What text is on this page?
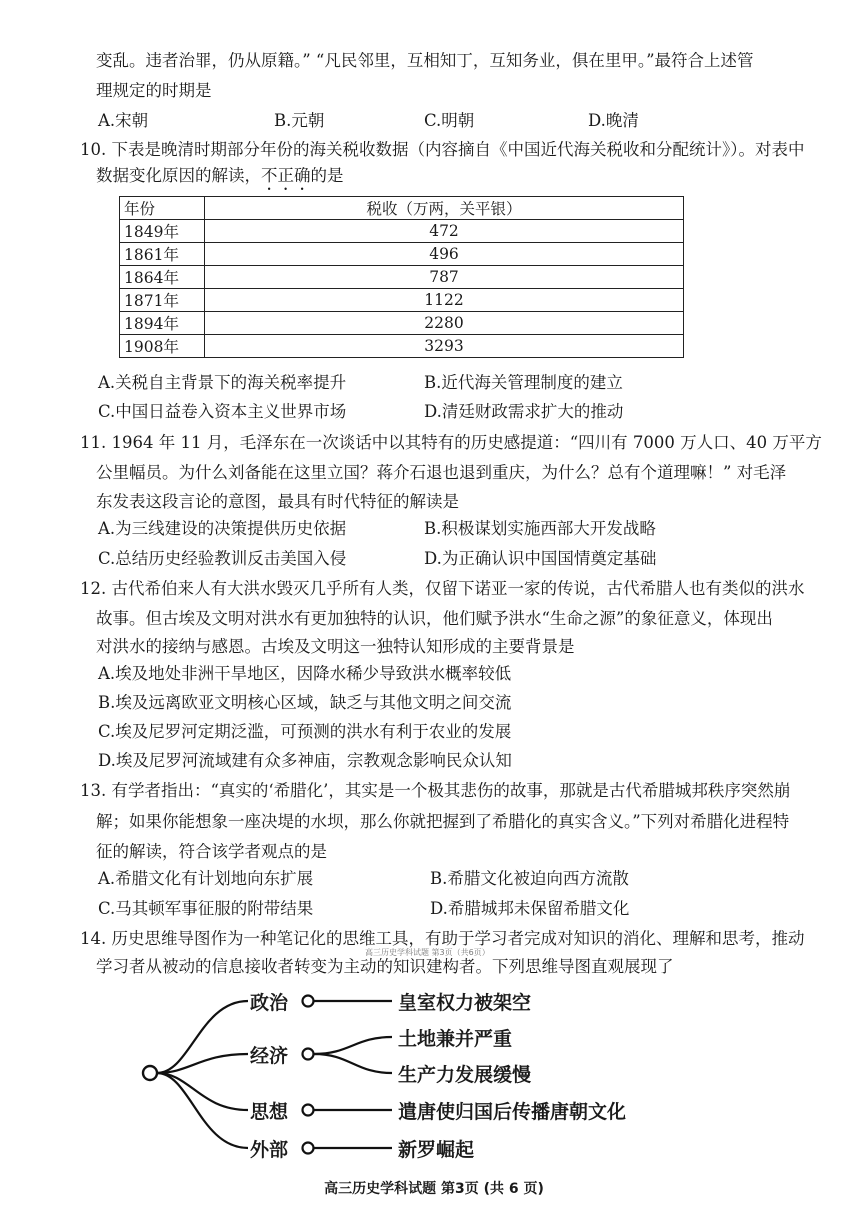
变乱。违者治罪，仍从原籍。” “凡民邻里，互相知丁，互知务业，俱在里甲。”最符合上述管
理规定的时期是
A.宋朝	B.元朝	C.明朝	D.晚清
10. 下表是晚清时期部分年份的海关税收数据（内容摘自《中国近代海关税收和分配统计》）。对表中
数据变化原因的解读，不正确的是
年份	税收（万两，关平银）
1849年	472
1861年	496
1864年	787
1871年	1122
1894年	2280
1908年	3293
A.关税自主背景下的海关税率提升	B.近代海关管理制度的建立
C.中国日益卷入资本主义世界市场	D.清廷财政需求扩大的推动
11. 1964 年 11 月，毛泽东在一次谈话中以其特有的历史感提道：“四川有 7000 万人口、40 万平方
公里幅员。为什么刘备能在这里立国？蒋介石退也退到重庆，为什么？总有个道理嘛！” 对毛泽
东发表这段言论的意图，最具有时代特征的解读是
A.为三线建设的决策提供历史依据	B.积极谋划实施西部大开发战略
C.总结历史经验教训反击美国入侵	D.为正确认识中国国情奠定基础
12. 古代希伯来人有大洪水毁灭几乎所有人类，仅留下诺亚一家的传说，古代希腊人也有类似的洪水
故事。但古埃及文明对洪水有更加独特的认识，他们赋予洪水“生命之源”的象征意义，体现出
对洪水的接纳与感恩。古埃及文明这一独特认知形成的主要背景是
A.埃及地处非洲干旱地区，因降水稀少导致洪水概率较低
B.埃及远离欧亚文明核心区域，缺乏与其他文明之间交流
C.埃及尼罗河定期泛滥，可预测的洪水有利于农业的发展
D.埃及尼罗河流域建有众多神庙，宗教观念影响民众认知
13. 有学者指出：“真实的‘希腊化’，其实是一个极其悲伤的故事，那就是古代希腊城邦秩序突然崩
解；如果你能想象一座决堤的水坝，那么你就把握到了希腊化的真实含义。”下列对希腊化进程特
征的解读，符合该学者观点的是
A.希腊文化有计划地向东扩展	B.希腊文化被迫向西方流散
C.马其顿军事征服的附带结果	D.希腊城邦未保留希腊文化
14. 历史思维导图作为一种笔记化的思维工具，有助于学习者完成对知识的消化、理解和思考，推动
学习者从被动的信息接收者转变为主动的知识建构者。下列思维导图直观展现了
高三历史学科试题 第3页（共6页）
政治
经济
思想
外部
皇室权力被架空
土地兼并严重
生产力发展缓慢
遣唐使归国后传播唐朝文化
新罗崛起
高三历史学科试题 第3页 (共 6 页)
